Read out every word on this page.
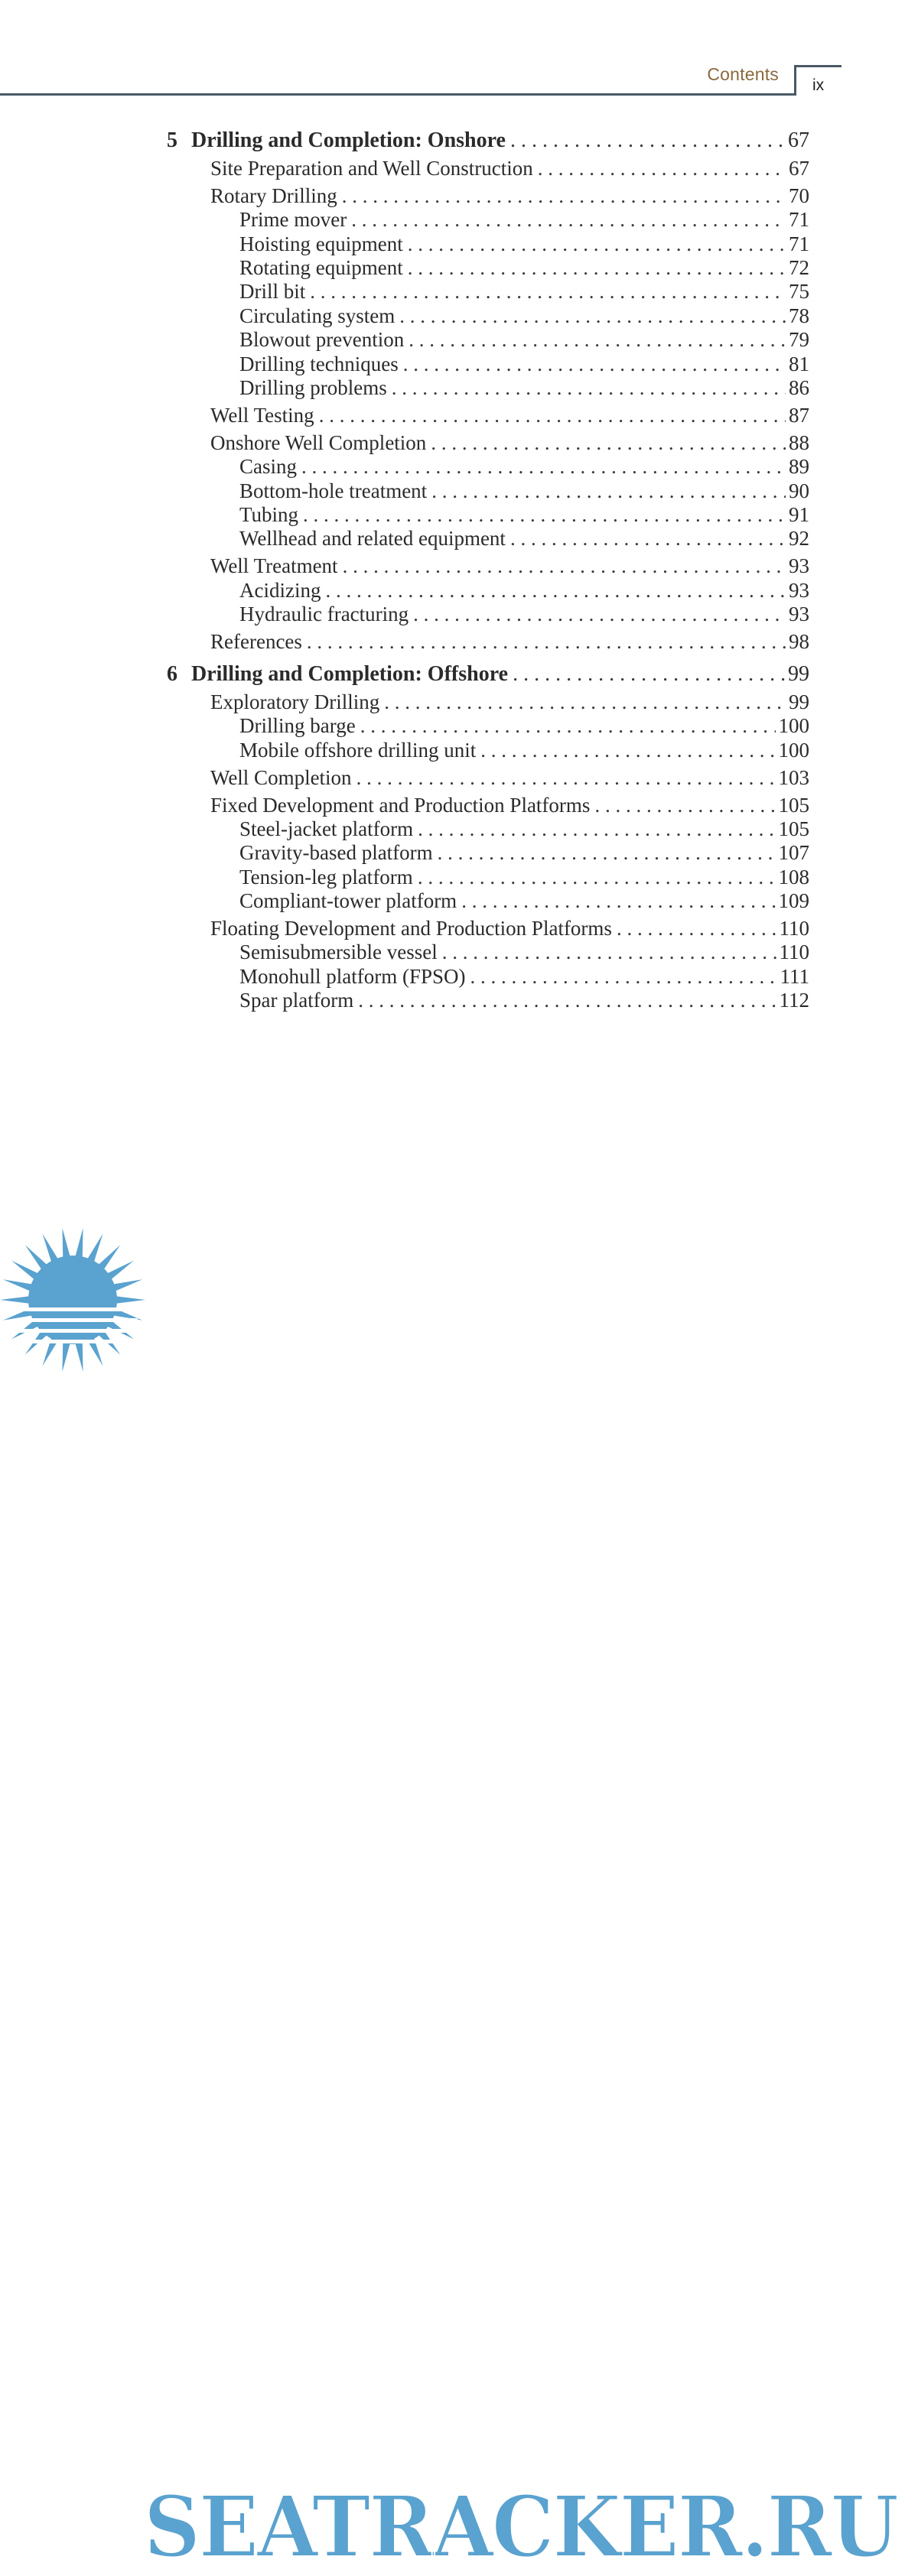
Contents
ix
5 Drilling and Completion: Onshore . . .	67
Site Preparation and Well Construction . . .	67
Rotary Drilling . . .	70
Prime mover . . .	71
Hoisting equipment . . .	71
Rotating equipment . . .	72
Drill bit . . .	75
Circulating system . . .	78
Blowout prevention . . .	79
Drilling techniques . . .	81
Drilling problems . . .	86
Well Testing . . .	87
Onshore Well Completion . . .	88
Casing . . .	89
Bottom-hole treatment . . .	90
Tubing . . .	91
Wellhead and related equipment . . .	92
Well Treatment . . .	93
Acidizing . . .	93
Hydraulic fracturing . . .	93
References . . .	98
6 Drilling and Completion: Offshore . . .	99
Exploratory Drilling . . .	99
Drilling barge . . .	100
Mobile offshore drilling unit . . .	100
Well Completion . . .	103
Fixed Development and Production Platforms . . .	105
Steel-jacket platform . . .	105
Gravity-based platform . . .	107
Tension-leg platform . . .	108
Compliant-tower platform . . .	109
Floating Development and Production Platforms . . .	110
Semisubmersible vessel . . .	110
Monohull platform (FPSO) . . .	111
Spar platform . . .	112
SEATRACKER.RU
